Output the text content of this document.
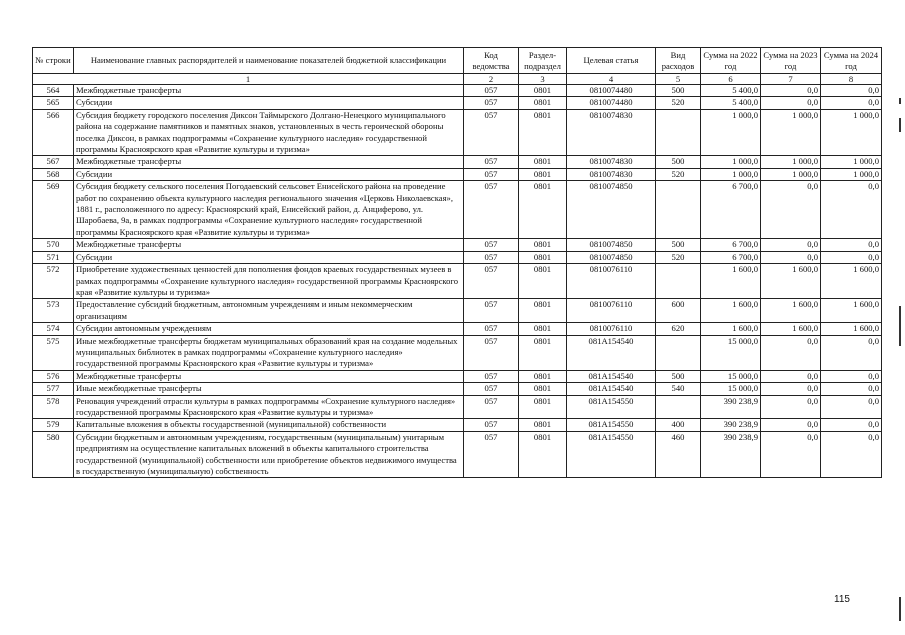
№ строки	Наименование главных распорядителей и наименование показателей бюджетной классификации	Код ведомства	Раздел-подраздел	Целевая статья	Вид расходов	Сумма на 2022 год	Сумма на 2023 год	Сумма на 2024 год
1		2	3	4	5	6	7	8
564	Межбюджетные трансферты	057	0801	0810074480	500	5 400,0	0,0	0,0
565	Субсидии	057	0801	0810074480	520	5 400,0	0,0	0,0
566	Субсидия бюджету городского поселения Диксон Таймырского Долгано-Ненецкого муниципального района на содержание памятников и памятных знаков, установленных в честь героической обороны поселка Диксон, в рамках подпрограммы «Сохранение культурного наследия» государственной программы Красноярского края «Развитие культуры и туризма»	057	0801	0810074830		1 000,0	1 000,0	1 000,0
567	Межбюджетные трансферты	057	0801	0810074830	500	1 000,0	1 000,0	1 000,0
568	Субсидии	057	0801	0810074830	520	1 000,0	1 000,0	1 000,0
569	Субсидия бюджету сельского поселения Погодаевский сельсовет Енисейского района на проведение работ по сохранению объекта культурного наследия регионального значения «Церковь Николаевская», 1881 г., расположенного по адресу: Красноярский край, Енисейский район, д. Анциферово, ул. Шаробаева, 9а, в рамках подпрограммы «Сохранение культурного наследия» государственной программы Красноярского края «Развитие культуры и туризма»	057	0801	0810074850		6 700,0	0,0	0,0
570	Межбюджетные трансферты	057	0801	0810074850	500	6 700,0	0,0	0,0
571	Субсидии	057	0801	0810074850	520	6 700,0	0,0	0,0
572	Приобретение художественных ценностей для пополнения фондов краевых государственных музеев в рамках подпрограммы «Сохранение культурного наследия» государственной программы Красноярского края «Развитие культуры и туризма»	057	0801	0810076110		1 600,0	1 600,0	1 600,0
573	Предоставление субсидий бюджетным, автономным учреждениям и иным некоммерческим организациям	057	0801	0810076110	600	1 600,0	1 600,0	1 600,0
574	Субсидии автономным учреждениям	057	0801	0810076110	620	1 600,0	1 600,0	1 600,0
575	Иные межбюджетные трансферты бюджетам муниципальных образований края на создание модельных муниципальных библиотек в рамках подпрограммы «Сохранение культурного наследия» государственной программы Красноярского края «Развитие культуры и туризма»	057	0801	081A154540		15 000,0	0,0	0,0
576	Межбюджетные трансферты	057	0801	081A154540	500	15 000,0	0,0	0,0
577	Иные межбюджетные трансферты	057	0801	081A154540	540	15 000,0	0,0	0,0
578	Реновация учреждений отрасли культуры в рамках подпрограммы «Сохранение культурного наследия» государственной программы Красноярского края «Развитие культуры и туризма»	057	0801	081A154550		390 238,9	0,0	0,0
579	Капитальные вложения в объекты государственной (муниципальной) собственности	057	0801	081A154550	400	390 238,9	0,0	0,0
580	Субсидии бюджетным и автономным учреждениям, государственным (муниципальным) унитарным предприятиям на осуществление капитальных вложений в объекты капитального строительства государственной (муниципальной) собственности или приобретение объектов недвижимого имущества в государственную (муниципальную) собственность	057	0801	081A154550	460	390 238,9	0,0	0,0
115
